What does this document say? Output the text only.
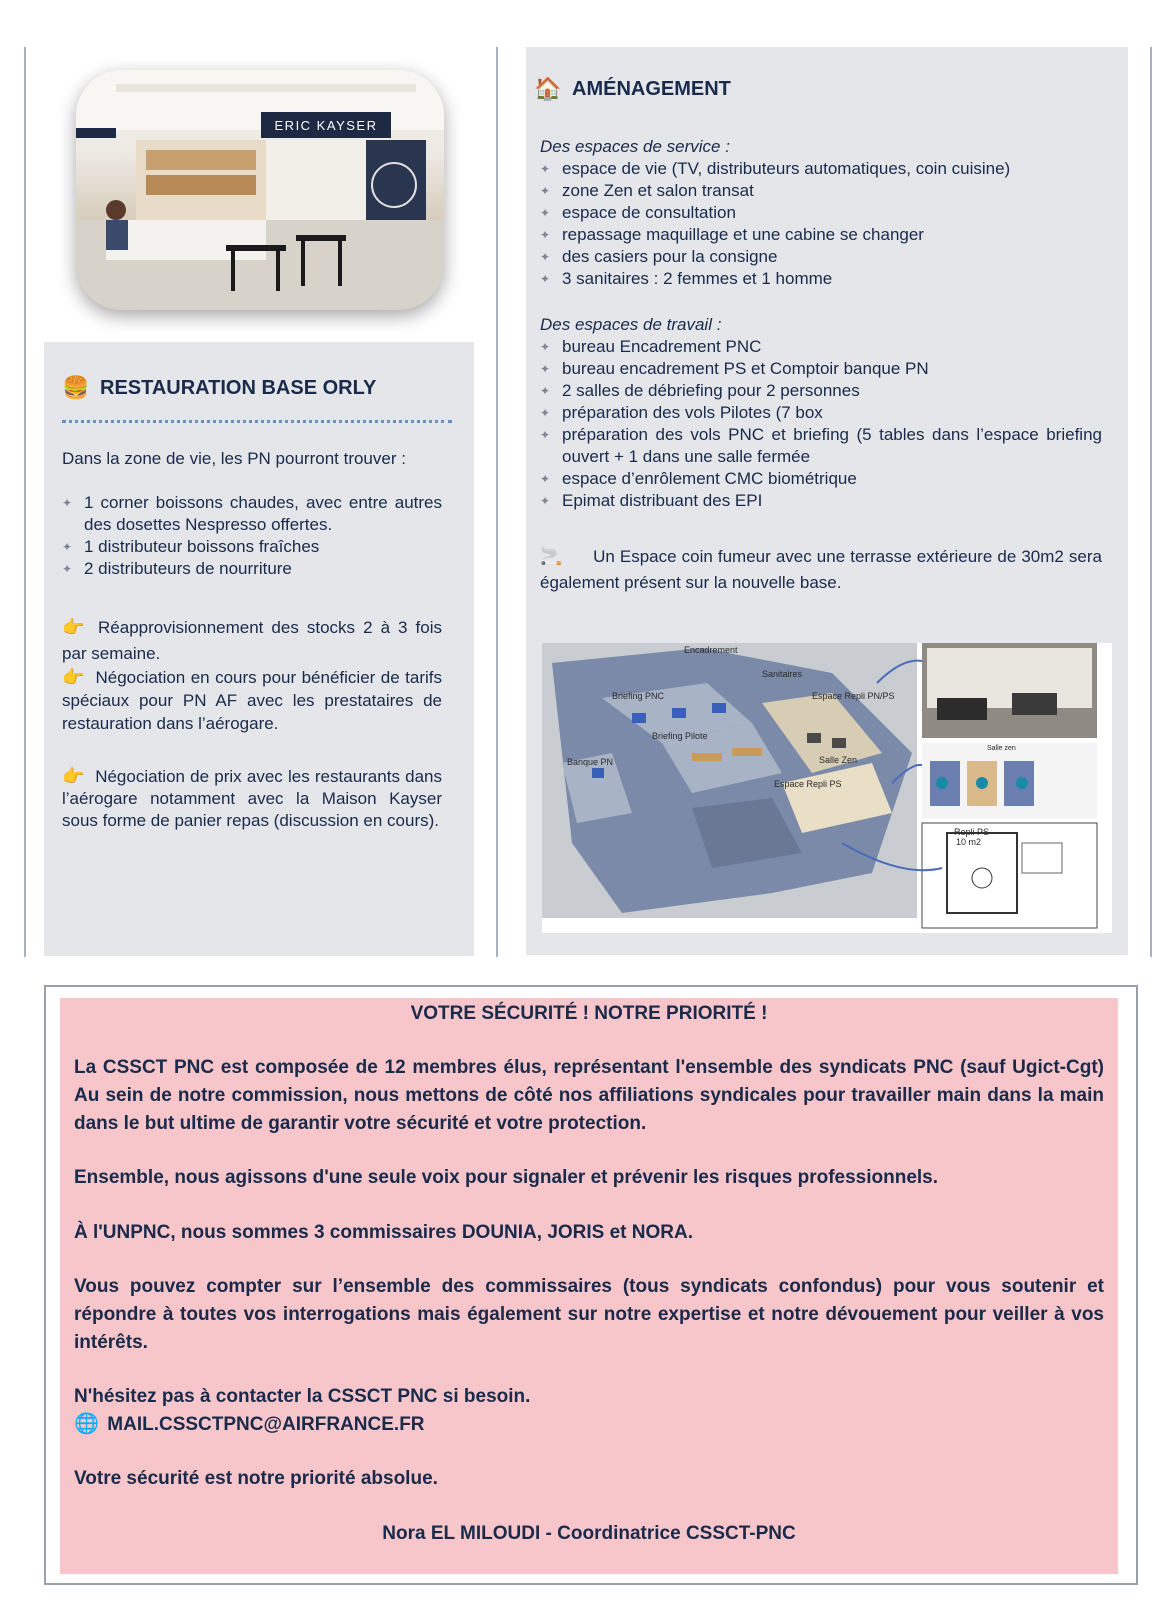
ERIC KAYSER
🍔 RESTAURATION BASE ORLY
Dans la zone de vie, les PN pourront trouver :
✦ 1 corner boissons chaudes, avec entre autres des dosettes Nespresso offertes.
✦ 1 distributeur boissons fraîches
✦ 2 distributeurs de nourriture
👉 Réapprovisionnement des stocks 2 à 3 fois par semaine.
👉 Négociation en cours pour bénéficier de tarifs spéciaux pour PN AF avec les prestataires de restauration dans l’aérogare.
👉 Négociation de prix avec les restaurants dans l’aérogare notamment avec la Maison Kayser sous forme de panier repas (discussion en cours).
🏠 AMÉNAGEMENT
Des espaces de service :
✦ espace de vie (TV, distributeurs automatiques, coin cuisine)
✦ zone Zen et salon transat
✦ espace de consultation
✦ repassage maquillage et une cabine se changer
✦ des casiers pour la consigne
✦ 3 sanitaires : 2 femmes et 1 homme
Des espaces de travail :
✦ bureau Encadrement PNC
✦ bureau encadrement PS et Comptoir banque PN
✦ 2 salles de débriefing pour 2 personnes
✦ préparation des vols Pilotes (7 box
✦ préparation des vols PNC et briefing (5 tables dans l’espace briefing ouvert + 1 dans une salle fermée
✦ espace d’enrôlement CMC biométrique
✦ Epimat distribuant des EPI
🚬 Un Espace coin fumeur avec une terrasse extérieure de 30m2 sera également présent sur la nouvelle base.
Encadrement
Sanitaires
Briefing PNC	Espace Repli PN/PS
Briefing Pilote
Banque PN	Salle Zen
Espace Repli PS
Salle zen
Repli PS
10 m2
VOTRE SÉCURITÉ ! NOTRE PRIORITÉ !
La CSSCT PNC est composée de 12 membres élus, représentant l'ensemble des syndicats PNC (sauf Ugict-Cgt) Au sein de notre commission, nous mettons de côté nos affiliations syndicales pour travailler main dans la main dans le but ultime de garantir votre sécurité et votre protection.
Ensemble, nous agissons d'une seule voix pour signaler et prévenir les risques professionnels.
À l'UNPNC, nous sommes 3 commissaires DOUNIA, JORIS et NORA.
Vous pouvez compter sur l’ensemble des commissaires (tous syndicats confondus) pour vous soutenir et répondre à toutes vos interrogations mais également sur notre expertise et notre dévouement pour veiller à vos intérêts.
N'hésitez pas à contacter la CSSCT PNC si besoin.
🌐 MAIL.CSSCTPNC@AIRFRANCE.FR
Votre sécurité est notre priorité absolue.
Nora EL MILOUDI - Coordinatrice CSSCT-PNC
